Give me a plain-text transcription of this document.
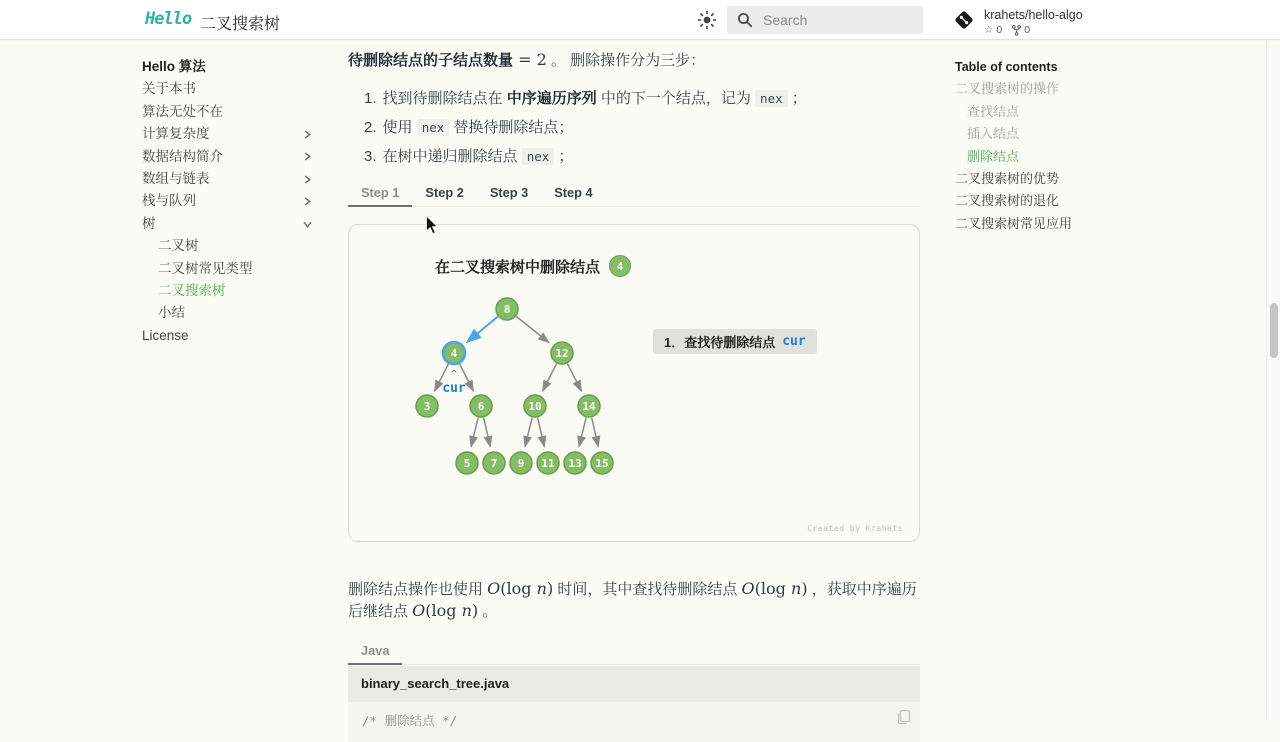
Hello 二叉搜索树
Search
krahets/hello-algo
☆ 0 0
Hello 算法
关于本书
算法无处不在
计算复杂度
数据结构简介
数组与链表
栈与队列
树
二叉树
二叉树常见类型
二叉搜索树
小结
License
Table of contents
二叉搜索树的操作
查找结点
插入结点
删除结点
二叉搜索树的优势
二叉搜索树的退化
二叉搜索树常见应用

待删除结点的子结点数量 = 2 。 删除操作分为三步：

1. 找到待删除结点在 中序遍历序列 中的下一个结点，记为 nex ；
2. 使用 nex 替换待删除结点；
3. 在树中递归删除结点 nex ；
Step 1	Step 2	Step 3	Step 4
在二叉搜索树中删除结点	4
8
4	12
3	6	10	14
5 7 9 11 13 15
^
cur
1．查找待删除结点 cur
Created by Krahets

删除结点操作也使用 O(log n) 时间，其中查找待删除结点 O(log n) ，获取中序遍历后继结点 O(log n) 。

Java
binary_search_tree.java
/* 删除结点 */
